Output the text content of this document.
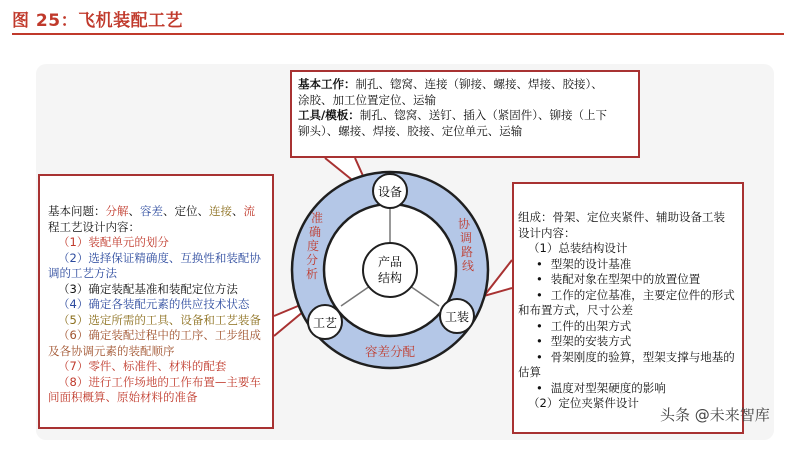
图 25：飞机装配工艺
产品
结构
设备
工艺	工装
准
确
度
分
析
协
调
路
线
容差分配
基本工作：制孔、锪窝、连接（铆接、螺接、焊接、胶接）、
涂胶、加工位置定位、运输
工具/模板：制孔、锪窝、送钉、插入（紧固件）、铆接（上下
铆头）、螺接、焊接、胶接、定位单元、运输
基本问题：分解、容差、定位、连接、流
程工艺设计内容：
（1）装配单元的划分
（2）选择保证精确度、互换性和装配协
调的工艺方法
（3）确定装配基准和装配定位方法
（4）确定各装配元素的供应技术状态
（5）选定所需的工具、设备和工艺装备
（6）确定装配过程中的工序、工步组成
及各协调元素的装配顺序
（7）零件、标准件、材料的配套
（8）进行工作场地的工作布置—主要车
间面积概算、原始材料的准备
组成：骨架、定位夹紧件、辅助设备工装
设计内容：
（1）总装结构设计
• 型架的设计基准
• 装配对象在型架中的放置位置
• 工作的定位基准，主要定位件的形式
和布置方式，尺寸公差
• 工件的出架方式
• 型架的安装方式
• 骨架刚度的验算，型架支撑与地基的
估算
• 温度对型架硬度的影响
（2）定位夹紧件设计
头条 @未来智库
